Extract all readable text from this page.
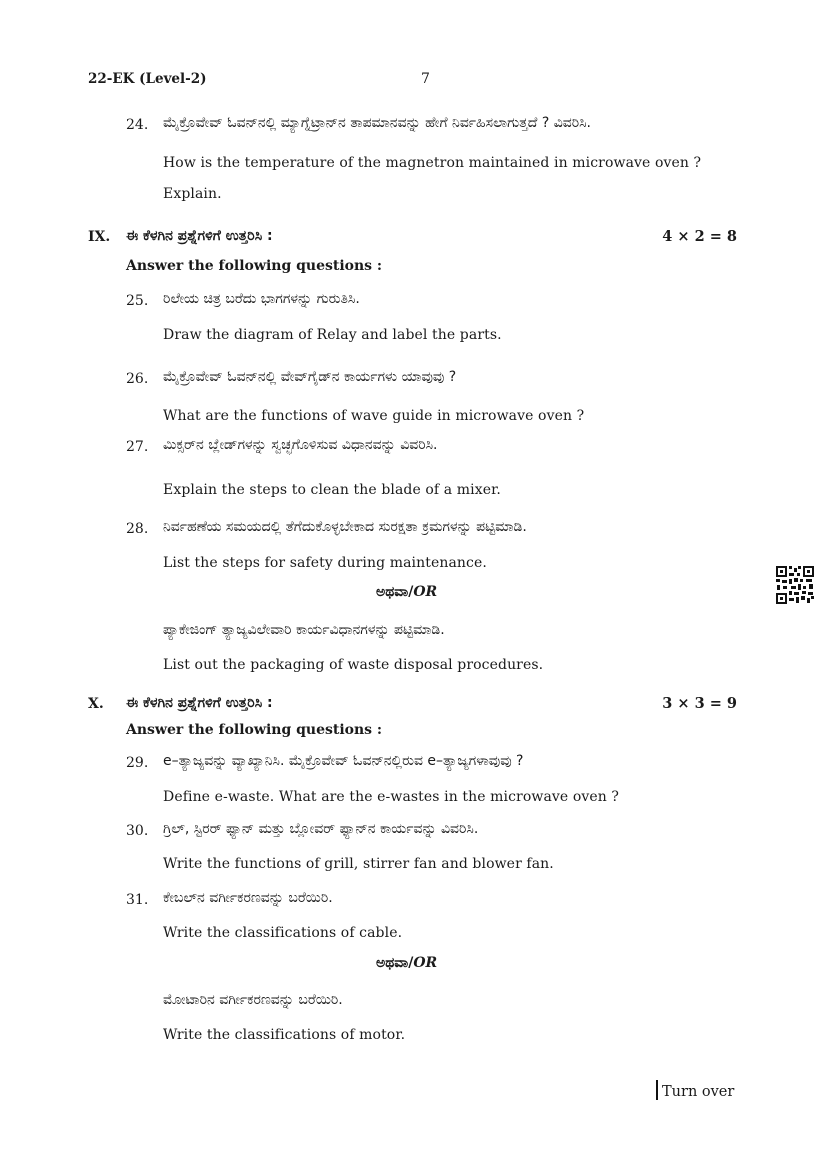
22-EK (Level-2)	7
24. ಮೈಕ್ರೊವೇವ್ ಓವನ್‌ನಲ್ಲಿ ಮ್ಯಾಗ್ನೆಟ್ರಾನ್‌ನ ತಾಪಮಾನವನ್ನು ಹೇಗೆ ನಿರ್ವಹಿಸಲಾಗುತ್ತದೆ ? ವಿವರಿಸಿ.
How is the temperature of the magnetron maintained in microwave oven ?
Explain.
IX. ಈ ಕೆಳಗಿನ ಪ್ರಶ್ನೆಗಳಿಗೆ ಉತ್ತರಿಸಿ :	4 × 2 = 8
Answer the following questions :
25. ರಿಲೇಯ ಚಿತ್ರ ಬರೆದು ಭಾಗಗಳನ್ನು ಗುರುತಿಸಿ.
Draw the diagram of Relay and label the parts.
26. ಮೈಕ್ರೊವೇವ್ ಓವನ್‌ನಲ್ಲಿ ವೇವ್‌ಗೈಡ್‌ನ ಕಾರ್ಯಗಳು ಯಾವುವು ?
What are the functions of wave guide in microwave oven ?
27. ಮಿಕ್ಸರ್‌ನ ಬ್ಲೇಡ್‌ಗಳನ್ನು ಸ್ವಚ್ಛಗೊಳಿಸುವ ವಿಧಾನವನ್ನು ವಿವರಿಸಿ.
Explain the steps to clean the blade of a mixer.
28. ನಿರ್ವಹಣೆಯ ಸಮಯದಲ್ಲಿ ತೆಗೆದುಕೊಳ್ಳಬೇಕಾದ ಸುರಕ್ಷತಾ ಕ್ರಮಗಳನ್ನು ಪಟ್ಟಿಮಾಡಿ.
List the steps for safety during maintenance.
ಅಥವಾ/OR
ಪ್ಯಾಕೇಜಿಂಗ್ ತ್ಯಾಜ್ಯವಿಲೇವಾರಿ ಕಾರ್ಯವಿಧಾನಗಳನ್ನು ಪಟ್ಟಿಮಾಡಿ.
List out the packaging of waste disposal procedures.
X. ಈ ಕೆಳಗಿನ ಪ್ರಶ್ನೆಗಳಿಗೆ ಉತ್ತರಿಸಿ :	3 × 3 = 9
Answer the following questions :
29. e–ತ್ಯಾಜ್ಯವನ್ನು ವ್ಯಾಖ್ಯಾನಿಸಿ. ಮೈಕ್ರೊವೇವ್ ಓವನ್‌ನಲ್ಲಿರುವ e–ತ್ಯಾಜ್ಯಗಳಾವುವು ?
Define e-waste. What are the e-wastes in the microwave oven ?
30. ಗ್ರಿಲ್, ಸ್ಟಿರರ್ ಫ್ಯಾನ್ ಮತ್ತು ಬ್ಲೋವರ್ ಫ್ಯಾನ್‌ನ ಕಾರ್ಯವನ್ನು ವಿವರಿಸಿ.
Write the functions of grill, stirrer fan and blower fan.
31. ಕೇಬಲ್‌ನ ವರ್ಗೀಕರಣವನ್ನು ಬರೆಯಿರಿ.
Write the classifications of cable.
ಅಥವಾ/OR
ಮೋಟಾರಿನ ವರ್ಗೀಕರಣವನ್ನು ಬರೆಯಿರಿ.
Write the classifications of motor.
Turn over
